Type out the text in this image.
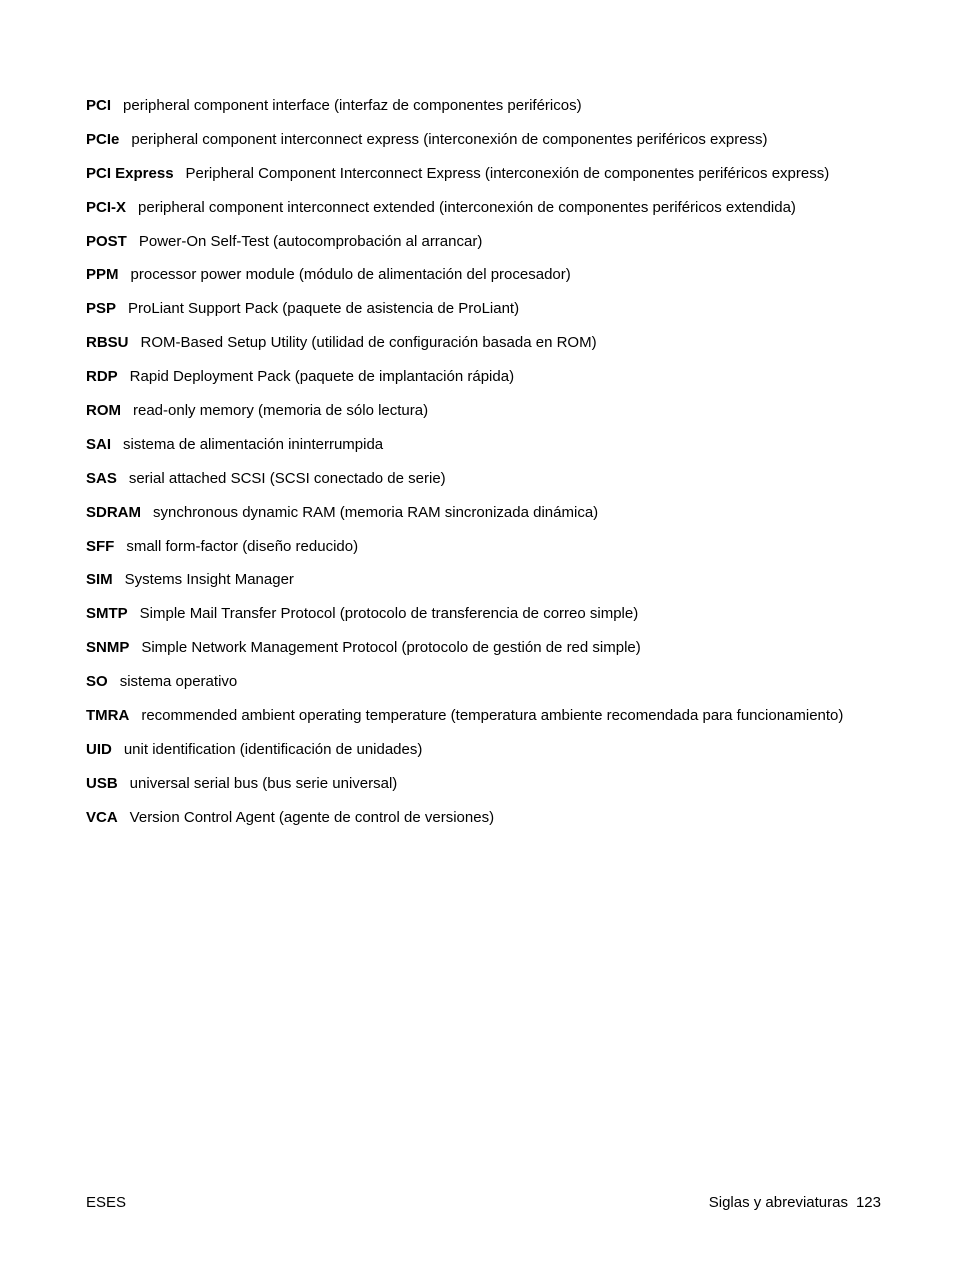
PCI peripheral component interface (interfaz de componentes periféricos)
PCIe peripheral component interconnect express (interconexión de componentes periféricos express)
PCI Express Peripheral Component Interconnect Express (interconexión de componentes periféricos express)
PCI-X peripheral component interconnect extended (interconexión de componentes periféricos extendida)
POST Power-On Self-Test (autocomprobación al arrancar)
PPM processor power module (módulo de alimentación del procesador)
PSP ProLiant Support Pack (paquete de asistencia de ProLiant)
RBSU ROM-Based Setup Utility (utilidad de configuración basada en ROM)
RDP Rapid Deployment Pack (paquete de implantación rápida)
ROM read-only memory (memoria de sólo lectura)
SAI sistema de alimentación ininterrumpida
SAS serial attached SCSI (SCSI conectado de serie)
SDRAM synchronous dynamic RAM (memoria RAM sincronizada dinámica)
SFF small form-factor (diseño reducido)
SIM Systems Insight Manager
SMTP Simple Mail Transfer Protocol (protocolo de transferencia de correo simple)
SNMP Simple Network Management Protocol (protocolo de gestión de red simple)
SO sistema operativo
TMRA recommended ambient operating temperature (temperatura ambiente recomendada para funcionamiento)
UID unit identification (identificación de unidades)
USB universal serial bus (bus serie universal)
VCA Version Control Agent (agente de control de versiones)
ESES	Siglas y abreviaturas 123
